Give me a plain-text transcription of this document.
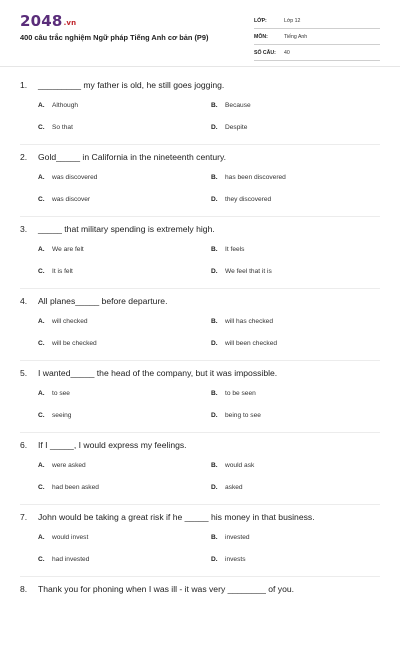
2048.vn
400 câu trắc nghiệm Ngữ pháp Tiếng Anh cơ bản (P9)
LỚP:	Lớp 12
MÔN:	Tiếng Anh
SỐ CÂU:	40
1. _________ my father is old, he still goes jogging.
A. Although	B. Because
C. So that	D. Despite
2. Gold_____ in California in the nineteenth century.
A. was discovered	B. has been discovered
C. was discover	D. they discovered
3. _____ that military spending is extremely high.
A. We are felt	B. It feels
C. It is felt	D. We feel that it is
4. All planes_____ before departure.
A. will checked	B. will has checked
C. will be checked	D. will been checked
5. I wanted_____ the head of the company, but it was impossible.
A. to see	B. to be seen
C. seeing	D. being to see
6. If I _____, I would express my feelings.
A. were asked	B. would ask
C. had been asked	D. asked
7. John would be taking a great risk if he _____ his money in that business.
A. would invest	B. invested
C. had invested	D. invests
8. Thank you for phoning when I was ill - it was very ________ of you.
